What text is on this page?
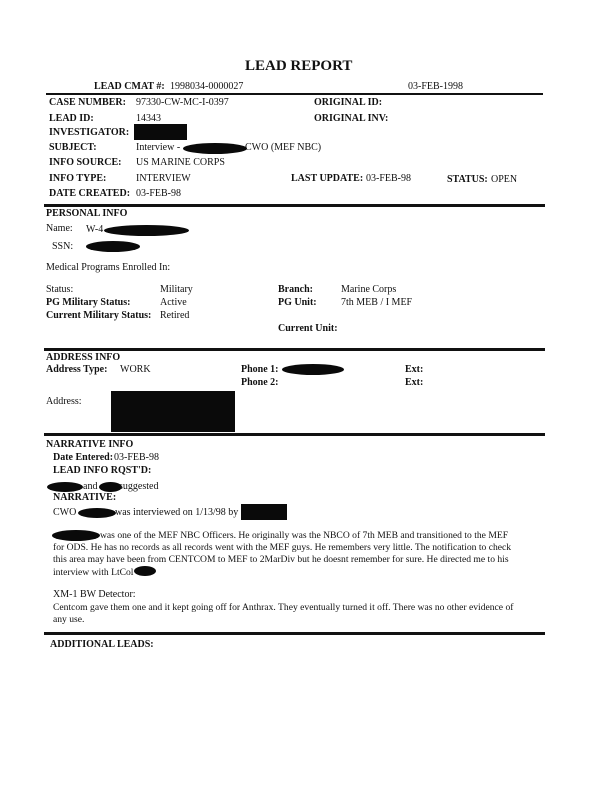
LEAD REPORT
LEAD CMAT #: 1998034-0000027	03-FEB-1998
CASE NUMBER: 97330-CW-MC-I-0397	ORIGINAL ID:
LEAD ID:	14343	ORIGINAL INV:
INVESTIGATOR:
SUBJECT:	Interview -	CWO (MEF NBC)
INFO SOURCE: US MARINE CORPS
INFO TYPE:	INTERVIEW	LAST UPDATE: 03-FEB-98	STATUS: OPEN
DATE CREATED: 03-FEB-98
PERSONAL INFO
Name: W-4
SSN:
Medical Programs Enrolled In:
Status:	Military	Branch:	Marine Corps
PG Military Status:	Active	PG Unit: 7th MEB / I MEF
Current Military Status: Retired
Current Unit:
ADDRESS INFO
Address Type: WORK	Phone 1:	Ext:
Phone 2:	Ext:
Address:
NARRATIVE INFO
Date Entered: 03-FEB-98
LEAD INFO RQST'D:
and suggested
NARRATIVE:
CWO	was interviewed on 1/13/98 by
was one of the MEF NBC Officers. He originally was the NBCO of 7th MEB and transitioned to the MEF
for ODS. He has no records as all records went with the MEF guys. He remembers very little. The notification to check this area may have been from CENTCOM to MEF to 2MarDiv but he doesnt remember for sure. He directed me to his interview with LtCol
XM-1 BW Detector:
Centcom gave them one and it kept going off for Anthrax. They eventually turned it off. There was no other evidence of any use.
ADDITIONAL LEADS:
